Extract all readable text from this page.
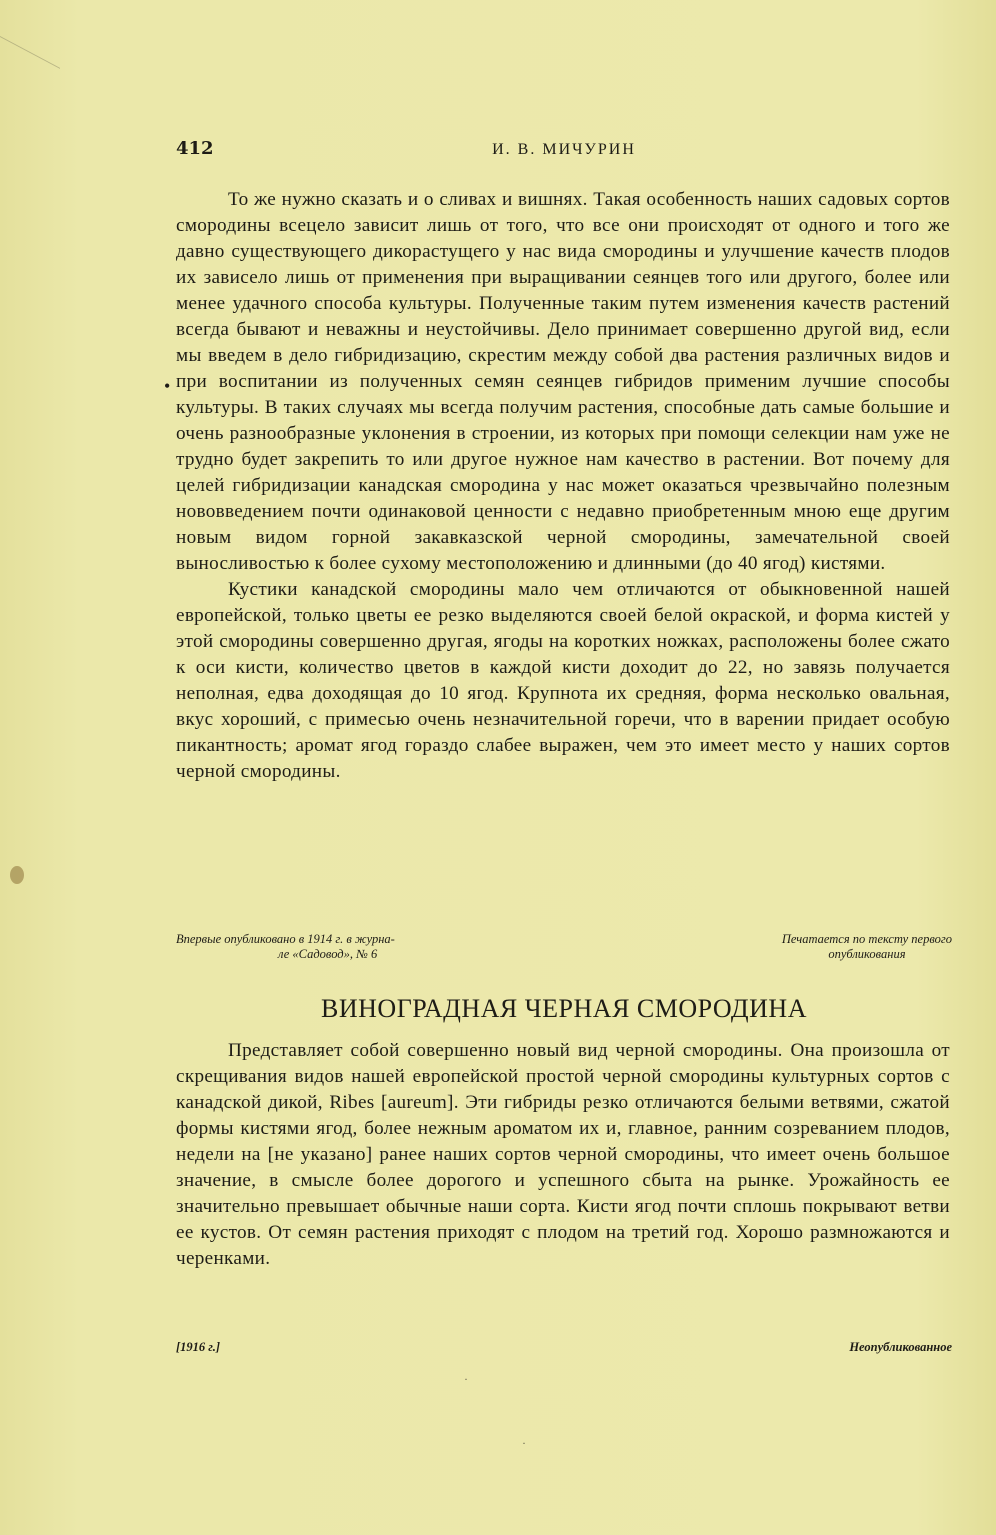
412	И. В. МИЧУРИН
•

То же нужно сказать и о сливах и вишнях. Такая особенность наших садовых сортов смородины всецело зависит лишь от того, что все они происходят от одного и того же давно существующего дикорастущего у нас вида смородины и улучшение качеств плодов их зависело лишь от применения при выращивании сеянцев того или другого, более или менее удачного способа культуры. Полученные таким путем изменения качеств растений всегда бывают и неважны и неустойчивы. Дело принимает совершенно другой вид, если мы введем в дело гибридизацию, скрестим между собой два растения различных видов и при воспитании из полученных семян сеянцев гибридов применим лучшие способы культуры. В таких случаях мы всегда получим растения, способные дать самые большие и очень разнообразные уклонения в строении, из которых при помощи селекции нам уже не трудно будет закрепить то или другое нужное нам качество в растении. Вот почему для целей гибридизации канадская смородина у нас может оказаться чрезвычайно полезным нововведением почти одинаковой ценности с недавно приобретенным мною еще другим новым видом горной закавказской черной смородины, замечательной своей выносливостью к более сухому местоположению и длинными (до 40 ягод) кистями.

Кустики канадской смородины мало чем отличаются от обыкновенной нашей европейской, только цветы ее резко выделяются своей белой окраской, и форма кистей у этой смородины совершенно другая, ягоды на коротких ножках, расположены более сжато к оси кисти, количество цветов в каждой кисти доходит до 22, но завязь получается неполная, едва доходящая до 10 ягод. Крупнота их средняя, форма несколько овальная, вкус хороший, с примесью очень незначительной горечи, что в варении придает особую пикантность; аромат ягод гораздо слабее выражен, чем это имеет место у наших сортов черной смородины.

Впервые опубликовано в 1914 г. в журна-
ле «Садовод», № 6
Печатается по тексту первого
опубликования
ВИНОГРАДНАЯ ЧЕРНАЯ СМОРОДИНА

Представляет собой совершенно новый вид черной смородины. Она произошла от скрещивания видов нашей европейской простой черной смородины культурных сортов с канадской дикой, Ribes [aureum]. Эти гибриды резко отличаются белыми ветвями, сжатой формы кистями ягод, более нежным ароматом их и, главное, ранним созреванием плодов, недели на [не указано] ранее наших сортов черной смородины, что имеет очень большое значение, в смысле более дорогого и успешного сбыта на рынке. Урожайность ее значительно превышает обычные наши сорта. Кисти ягод почти сплошь покрывают ветви ее кустов. От семян растения приходят с плодом на третий год. Хорошо размножаются и черенками.

[1916 г.]	Неопубликованное
·
·
